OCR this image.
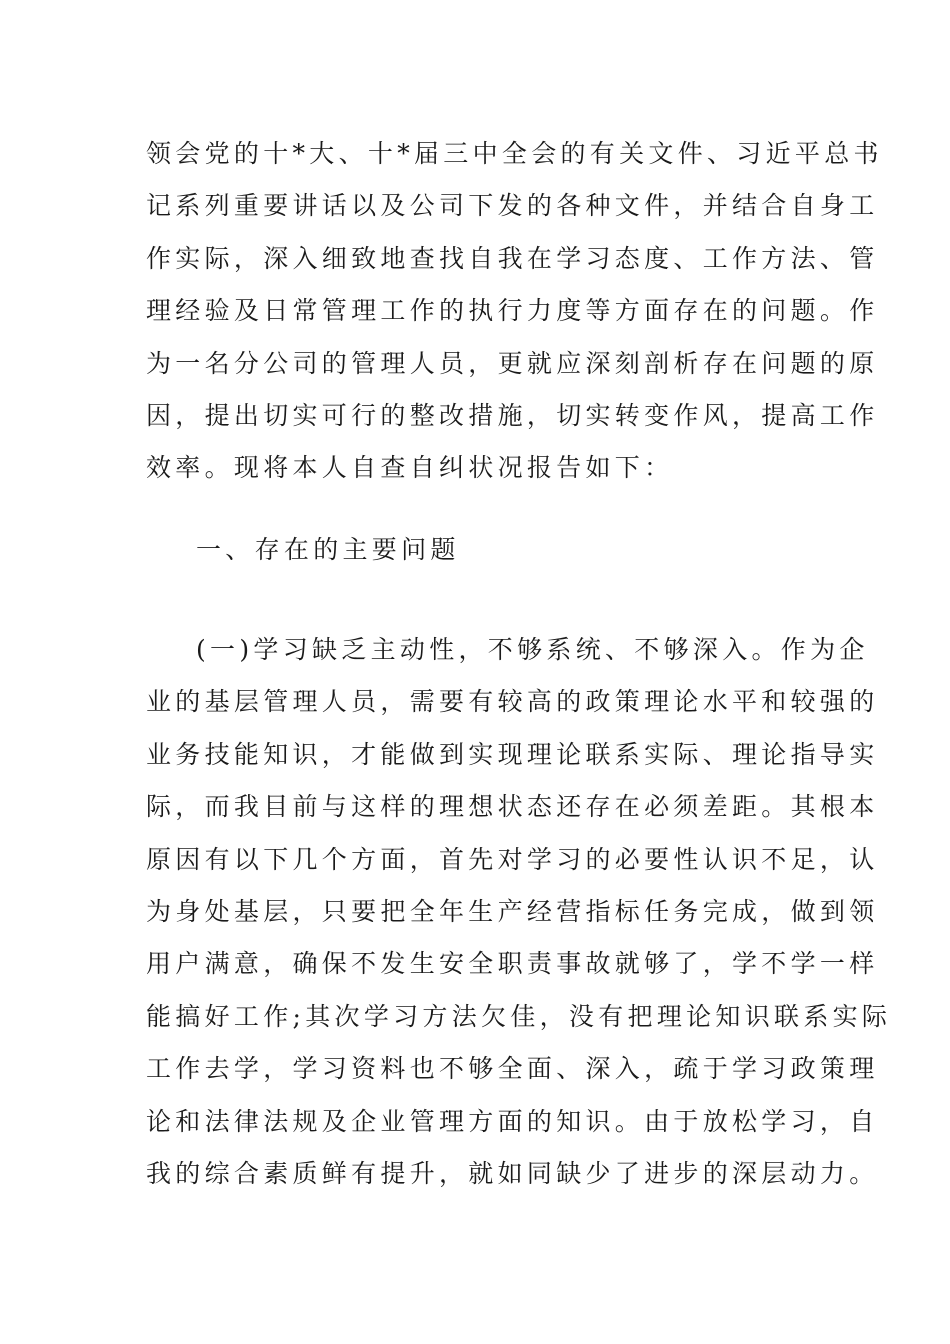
领会党的十*大、十*届三中全会的有关文件、习近平总书
记系列重要讲话以及公司下发的各种文件，并结合自身工
作实际，深入细致地查找自我在学习态度、工作方法、管
理经验及日常管理工作的执行力度等方面存在的问题。作
为一名分公司的管理人员，更就应深刻剖析存在问题的原
因，提出切实可行的整改措施，切实转变作风，提高工作
效率。现将本人自查自纠状况报告如下：
一、存在的主要问题
(一)学习缺乏主动性，不够系统、不够深入。作为企
业的基层管理人员，需要有较高的政策理论水平和较强的
业务技能知识，才能做到实现理论联系实际、理论指导实
际，而我目前与这样的理想状态还存在必须差距。其根本
原因有以下几个方面，首先对学习的必要性认识不足，认
为身处基层，只要把全年生产经营指标任务完成，做到领
用户满意，确保不发生安全职责事故就够了，学不学一样
能搞好工作;其次学习方法欠佳，没有把理论知识联系实际
工作去学，学习资料也不够全面、深入，疏于学习政策理
论和法律法规及企业管理方面的知识。由于放松学习，自
我的综合素质鲜有提升，就如同缺少了进步的深层动力。
